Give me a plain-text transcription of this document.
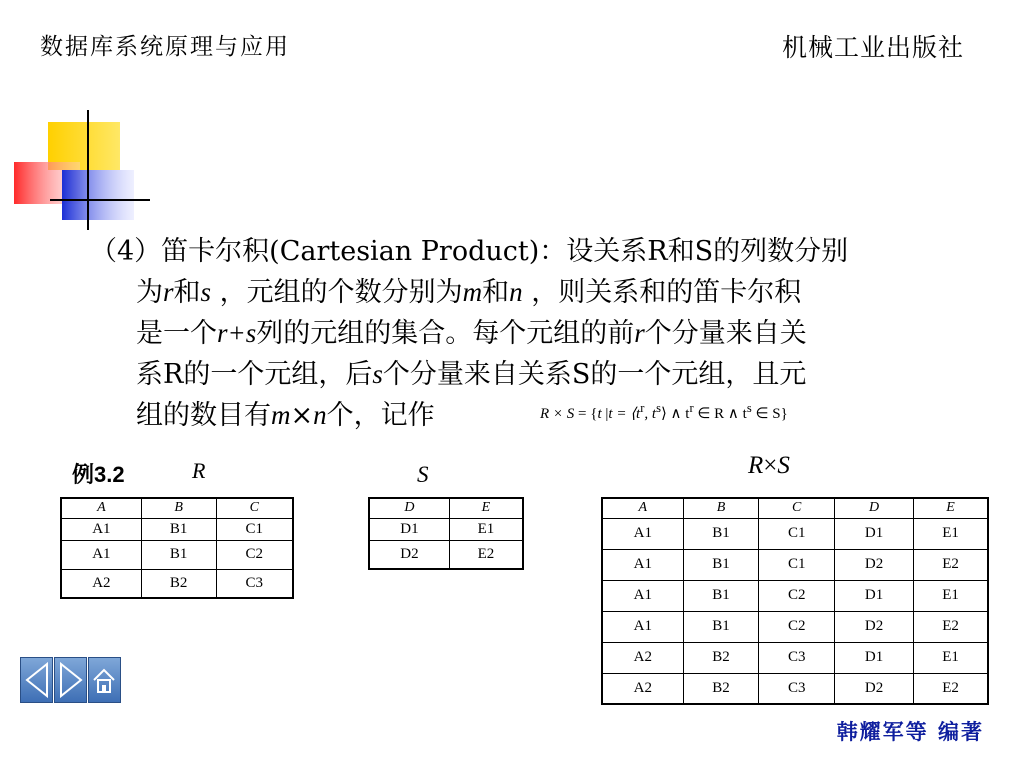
数据库系统原理与应用	机械工业出版社
（4）笛卡尔积(Cartesian Product)：设关系R和S的列数分别
为r和s ，元组的个数分别为m和n ，则关系和的笛卡尔积
是一个r+s列的元组的集合。每个元组的前r个分量来自关
系R的一个元组，后s个分量来自关系S的一个元组，且元
组的数目有m×n个，记作	R × S = {t $|t = ⟨t^r$, $t^s⟩$ ∧ $t^r$ ∈ R ∧ $t^s$ ∈ S}
例3.2	R	S	R×S
A	B	C
A1	B1	C1
A1	B1	C2
A2	B2	C3
D	E
D1	E1
D2	E2
A	B	C	D	E
A1	B1	C1	D1	E1
A1	B1	C1	D2	E2
A1	B1	C2	D1	E1
A1	B1	C2	D2	E2
A2	B2	C3	D1	E1
A2	B2	C3	D2	E2
韩耀军等 编著
